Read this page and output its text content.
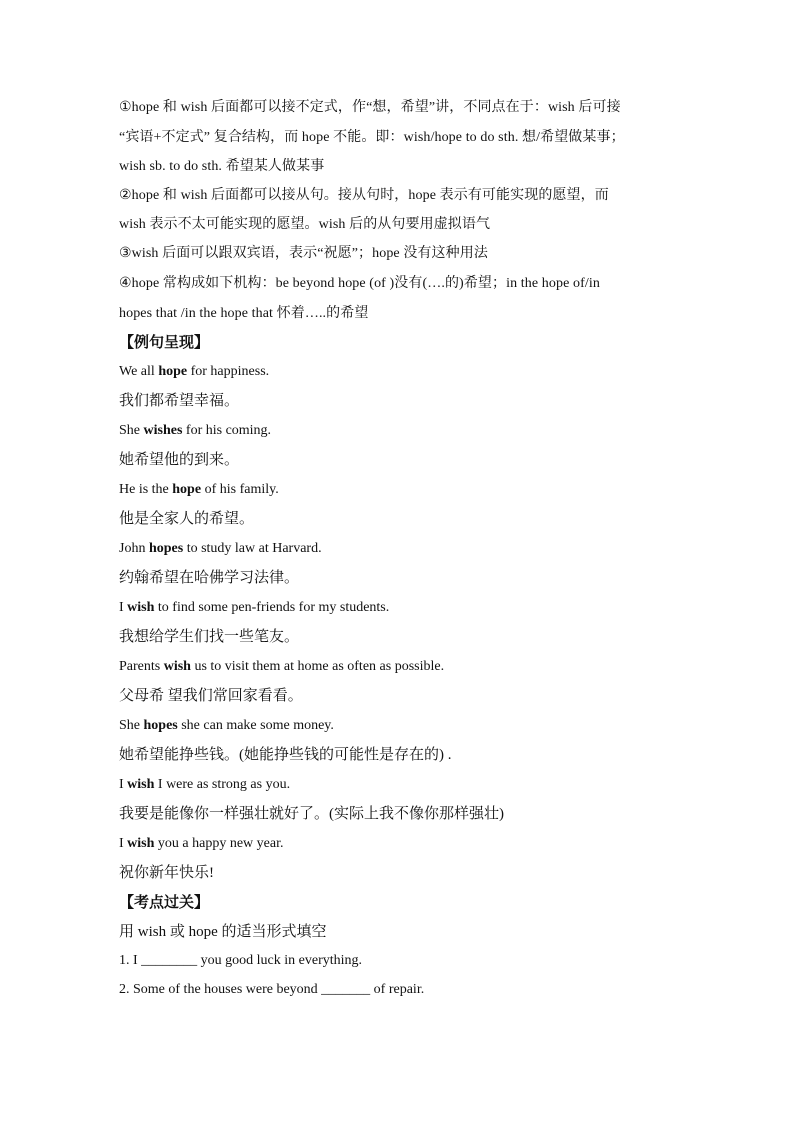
①hope 和 wish 后面都可以接不定式，作“想，希望”讲，不同点在于：wish 后可接
“宾语+不定式” 复合结构，而 hope 不能。即：wish/hope to do sth. 想/希望做某事；
wish sb. to do sth. 希望某人做某事
②hope 和 wish 后面都可以接从句。接从句时，hope 表示有可能实现的愿望，而
wish 表示不太可能实现的愿望。wish 后的从句要用虚拟语气
③wish 后面可以跟双宾语，表示“祝愿”；hope 没有这种用法
④hope 常构成如下机构：be beyond hope (of )没有(….的)希望；in the hope of/in
hopes that /in the hope that 怀着…..的希望
【例句呈现】
We all hope for happiness.
我们都希望幸福。
She wishes for his coming.
她希望他的到来。
He is the hope of his family.
他是全家人的希望。
John hopes to study law at Harvard.
约翰希望在哈佛学习法律。
I wish to find some pen-friends for my students.
我想给学生们找一些笔友。
Parents wish us to visit them at home as often as possible.
父母希 望我们常回家看看。
She hopes she can make some money.
她希望能挣些钱。(她能挣些钱的可能性是存在的) .
I wish I were as strong as you.
我要是能像你一样强壮就好了。(实际上我不像你那样强壮)
I wish you a happy new year.
祝你新年快乐!
【考点过关】
用 wish 或 hope 的适当形式填空
1. I ________ you good luck in everything.
2. Some of the houses were beyond _______ of repair.
